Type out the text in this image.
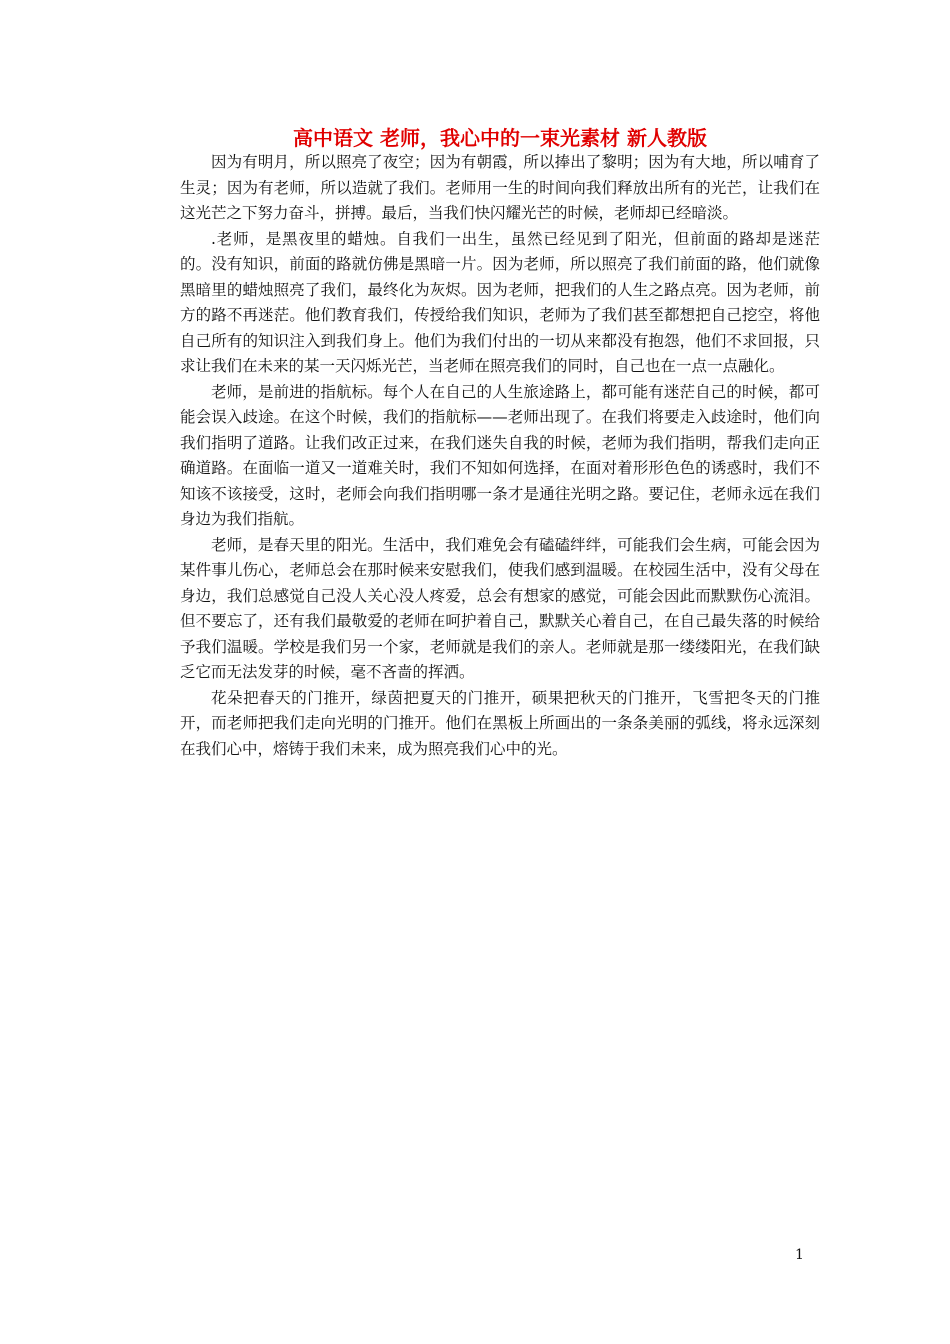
高中语文 老师，我心中的一束光素材 新人教版

因为有明月，所以照亮了夜空；因为有朝霞，所以捧出了黎明；因为有大地，所以哺育了生灵；因为有老师，所以造就了我们。老师用一生的时间向我们释放出所有的光芒，让我们在这光芒之下努力奋斗，拼搏。最后，当我们快闪耀光芒的时候，老师却已经暗淡。

.老师，是黑夜里的蜡烛。自我们一出生，虽然已经见到了阳光，但前面的路却是迷茫的。没有知识，前面的路就仿佛是黑暗一片。因为老师，所以照亮了我们前面的路，他们就像黑暗里的蜡烛照亮了我们，最终化为灰烬。因为老师，把我们的人生之路点亮。因为老师，前方的路不再迷茫。他们教育我们，传授给我们知识，老师为了我们甚至都想把自己挖空，将他自己所有的知识注入到我们身上。他们为我们付出的一切从来都没有抱怨，他们不求回报，只求让我们在未来的某一天闪烁光芒，当老师在照亮我们的同时，自己也在一点一点融化。

老师，是前进的指航标。每个人在自己的人生旅途路上，都可能有迷茫自己的时候，都可能会误入歧途。在这个时候，我们的指航标——老师出现了。在我们将要走入歧途时，他们向我们指明了道路。让我们改正过来，在我们迷失自我的时候，老师为我们指明，帮我们走向正确道路。在面临一道又一道难关时，我们不知如何选择，在面对着形形色色的诱惑时，我们不知该不该接受，这时，老师会向我们指明哪一条才是通往光明之路。要记住，老师永远在我们身边为我们指航。

老师，是春天里的阳光。生活中，我们难免会有磕磕绊绊，可能我们会生病，可能会因为某件事儿伤心，老师总会在那时候来安慰我们，使我们感到温暖。在校园生活中，没有父母在身边，我们总感觉自己没人关心没人疼爱，总会有想家的感觉，可能会因此而默默伤心流泪。但不要忘了，还有我们最敬爱的老师在呵护着自己，默默关心着自己，在自己最失落的时候给予我们温暖。学校是我们另一个家，老师就是我们的亲人。老师就是那一缕缕阳光，在我们缺乏它而无法发芽的时候，毫不吝啬的挥洒。

花朵把春天的门推开，绿茵把夏天的门推开，硕果把秋天的门推开，飞雪把冬天的门推开，而老师把我们走向光明的门推开。他们在黑板上所画出的一条条美丽的弧线，将永远深刻在我们心中，熔铸于我们未来，成为照亮我们心中的光。

1
